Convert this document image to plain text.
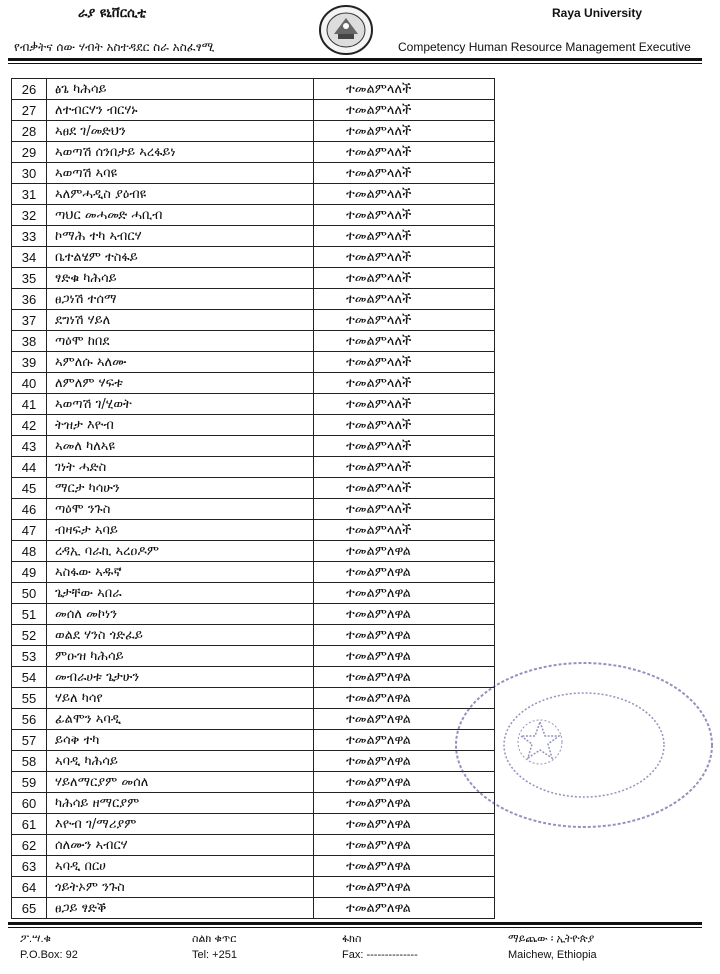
ራያ ዩኒቨርሲቲ	Raya University
የብቃትና ሰው ሃብት አስተዳደር ስራ አስፈፃሚ	Competency Human Resource Management Executive
26	ፅጌ ካሕሳይ	ተመልምላለች
27	ለተብርሃን ብርሃኑ	ተመልምላለች
28	ኣፀደ ገ/መድህን	ተመልምላለች
29	ኣወጣሽ ሰንበታይ ኣረፋይነ	ተመልምላለች
30	ኣወጣሽ ኣባዩ	ተመልምላለች
31	ኣለምሓዲስ ያዕብዩ	ተመልምላለች
32	ጣህር መሓመድ ሓቢብ	ተመልምላለች
33	ኮማሕ ተካ ኣብርሃ	ተመልምላለች
34	ቤተልሄም ተስፋይ	ተመልምላለች
35	ፃድቁ ካሕሳይ	ተመልምላለች
36	ፀጋነሽ ተሰማ	ተመልምላለች
37	ደግነሽ ሃይለ	ተመልምላለች
38	ጣዕሞ ከበደ	ተመልምላለች
39	ኣምለሱ ኣለሙ	ተመልምላለች
40	ለምለም ሃፍቱ	ተመልምላለች
41	ኣወጣሽ ገ/ሂወት	ተመልምላለች
42	ትዝታ እዮብ	ተመልምላለች
43	ኣመለ ካለኣዩ	ተመልምላለች
44	ገነት ሓድስ	ተመልምላለች
45	ማርታ ካሳሁን	ተመልምላለች
46	ጣዕሞ ንጉስ	ተመልምላለች
47	ብዛፍታ ኣባይ	ተመልምላለች
48	ረዳኢ ባራኪ ኣረዐዶም	ተመልምለዋል
49	ኣስፋው ኣዱኛ	ተመልምለዋል
50	ጌታቸው ኣበራ	ተመልምለዋል
51	መሰለ መኮነን	ተመልምለዋል
52	ወልደ ሃንስ ጎድፈይ	ተመልምለዋል
53	ምዑዝ ካሕሳይ	ተመልምለዋል
54	መብራሀቱ ጌታሁን	ተመልምለዋል
55	ሃይለ ካሳየ	ተመልምለዋል
56	ፊልሞን ኣባዲ	ተመልምለዋል
57	ይሳቅ ተካ	ተመልምለዋል
58	ኣባዲ ካሕሳይ	ተመልምለዋል
59	ሃይለማርያም መሰለ	ተመልምለዋል
60	ካሕሳይ ዘማርያም	ተመልምለዋል
61	እዮብ ገ/ማሪያም	ተመልምለዋል
62	ሰለሙን ኣብርሃ	ተመልምለዋል
63	ኣባዲ በርሀ	ተመልምለዋል
64	ጎይትኦም ንጉስ	ተመልምለዋል
65	ፀጋይ ፃድቕ	ተመልምለዋል
ፖ.ሣ.ቁ
P.O.Box: 92
ስልክ ቁጥር
Tel: +251
ፋክስ
Fax: --------------
ማይጨው ፡ ኢትዮጵያ
Maichew, Ethiopia
